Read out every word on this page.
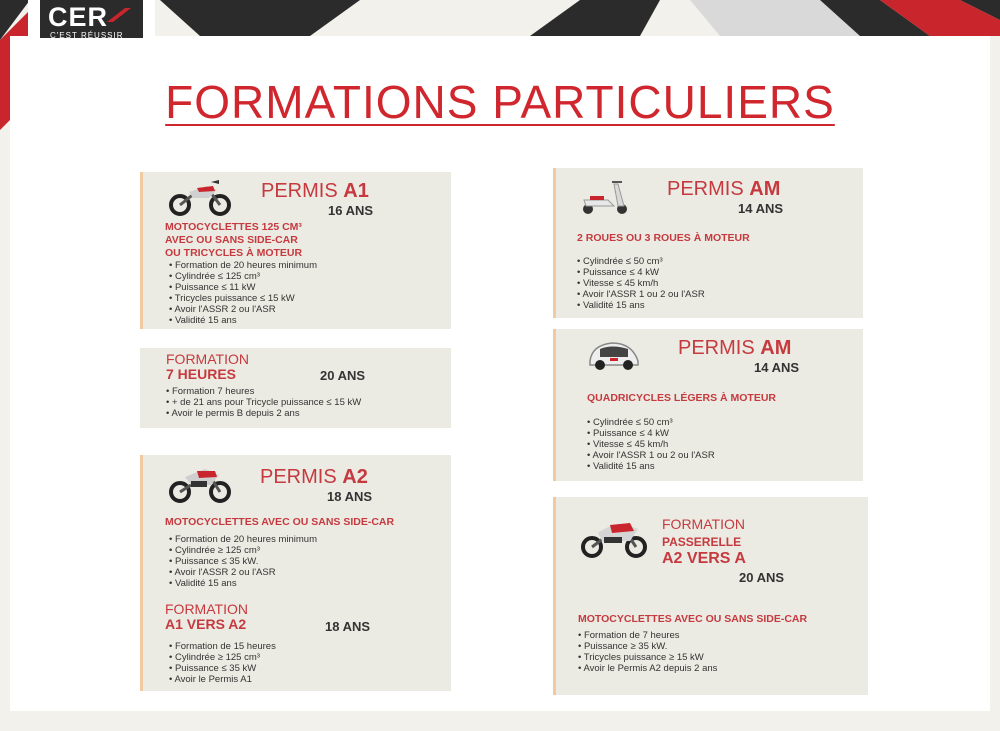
CER
C'EST RÉUSSIR
FORMATIONS PARTICULIERS
PERMIS A1
16 ANS
MOTOCYCLETTES 125 CM³
AVEC OU SANS SIDE-CAR
OU TRICYCLES À MOTEUR
• Formation de 20 heures minimum
• Cylindrée ≤ 125 cm³
• Puissance ≤ 11 kW
• Tricycles puissance ≤ 15 kW
• Avoir l'ASSR 2 ou l'ASR
• Validité 15 ans
FORMATION
7 HEURES	20 ANS
• Formation 7 heures
• + de 21 ans pour Tricycle puissance ≤ 15 kW
• Avoir le permis B depuis 2 ans
PERMIS A2
18 ANS
MOTOCYCLETTES AVEC OU SANS SIDE-CAR
• Formation de 20 heures minimum
• Cylindrée ≥ 125 cm³
• Puissance ≤ 35 kW.
• Avoir l'ASSR 2 ou l'ASR
• Validité 15 ans
FORMATION
A1 VERS A2	18 ANS
• Formation de 15 heures
• Cylindrée ≥ 125 cm³
• Puissance ≤ 35 kW
• Avoir le Permis A1
PERMIS AM
14 ANS
2 ROUES OU 3 ROUES À MOTEUR
• Cylindrée ≤ 50 cm³
• Puissance ≤ 4 kW
• Vitesse ≤ 45 km/h
• Avoir l'ASSR 1 ou 2 ou l'ASR
• Validité 15 ans
PERMIS AM
14 ANS
QUADRICYCLES LÉGERS À MOTEUR
• Cylindrée ≤ 50 cm³
• Puissance ≤ 4 kW
• Vitesse ≤ 45 km/h
• Avoir l'ASSR 1 ou 2 ou l'ASR
• Validité 15 ans
FORMATION
PASSERELLE
A2 VERS A
20 ANS
MOTOCYCLETTES AVEC OU SANS SIDE-CAR
• Formation de 7 heures
• Puissance ≥ 35 kW.
• Tricycles puissance ≥ 15 kW
• Avoir le Permis A2 depuis 2 ans
